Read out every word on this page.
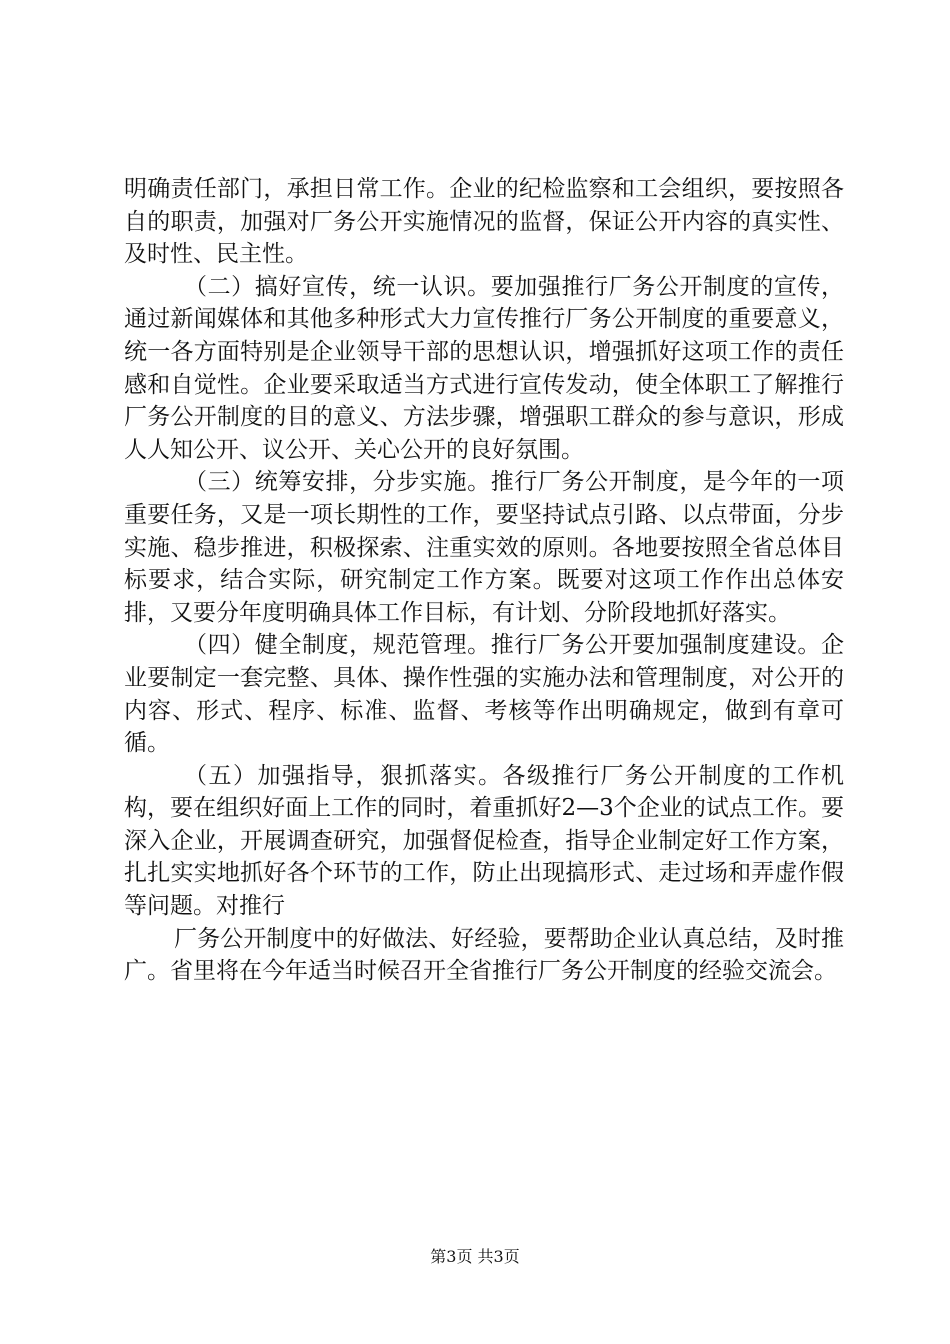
明确责任部门，承担日常工作。企业的纪检监察和工会组织，要按照各自的职责，加强对厂务公开实施情况的监督，保证公开内容的真实性、及时性、民主性。

（二）搞好宣传，统一认识。要加强推行厂务公开制度的宣传，通过新闻媒体和其他多种形式大力宣传推行厂务公开制度的重要意义，统一各方面特别是企业领导干部的思想认识，增强抓好这项工作的责任感和自觉性。企业要采取适当方式进行宣传发动，使全体职工了解推行厂务公开制度的目的意义、方法步骤，增强职工群众的参与意识，形成人人知公开、议公开、关心公开的良好氛围。

（三）统筹安排，分步实施。推行厂务公开制度，是今年的一项重要任务，又是一项长期性的工作，要坚持试点引路、以点带面，分步实施、稳步推进，积极探索、注重实效的原则。各地要按照全省总体目标要求，结合实际，研究制定工作方案。既要对这项工作作出总体安排，又要分年度明确具体工作目标，有计划、分阶段地抓好落实。

（四）健全制度，规范管理。推行厂务公开要加强制度建设。企业要制定一套完整、具体、操作性强的实施办法和管理制度，对公开的内容、形式、程序、标准、监督、考核等作出明确规定，做到有章可循。

（五）加强指导，狠抓落实。各级推行厂务公开制度的工作机构，要在组织好面上工作的同时，着重抓好2—3个企业的试点工作。要深入企业，开展调查研究，加强督促检查，指导企业制定好工作方案，扎扎实实地抓好各个环节的工作，防止出现搞形式、走过场和弄虚作假等问题。对推行

厂务公开制度中的好做法、好经验，要帮助企业认真总结，及时推广。省里将在今年适当时候召开全省推行厂务公开制度的经验交流会。

第3页 共3页
